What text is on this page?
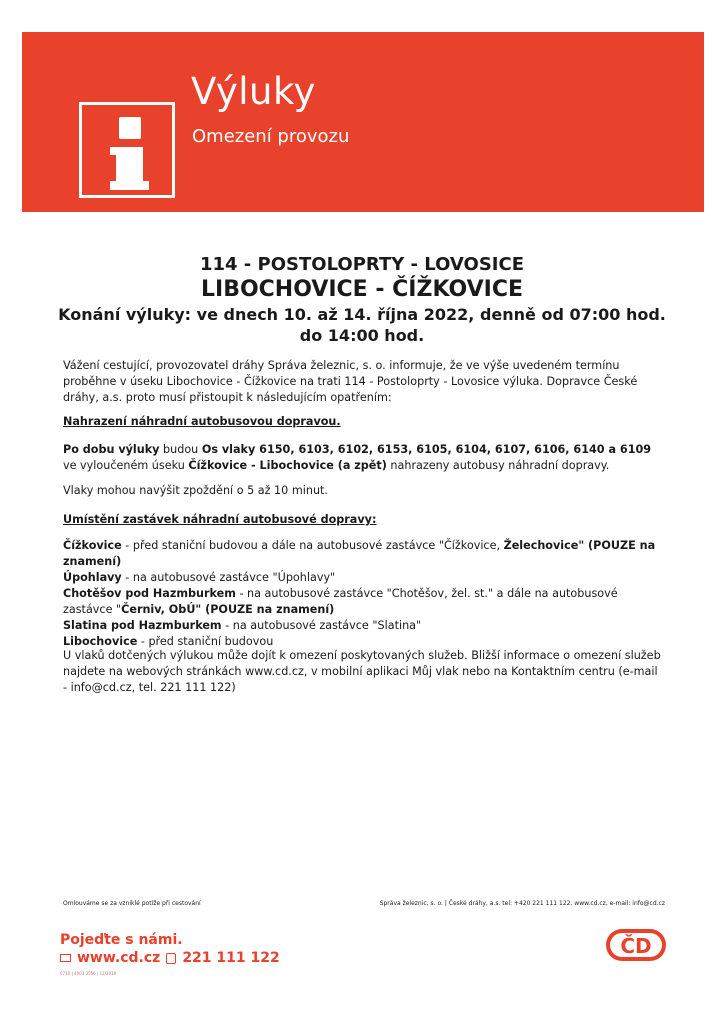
Výluky

Omezení provozu

114 - POSTOLOPRTY - LOVOSICE

LIBOCHOVICE - ČÍŽKOVICE

Konání výluky: ve dnech 10. až 14. října 2022, denně od 07:00 hod.
do 14:00 hod.

Vážení cestující, provozovatel dráhy Správa železnic, s. o. informuje, že ve výše uvedeném termínu proběhne v úseku Libochovice - Čížkovice na trati 114 - Postoloprty - Lovosice výluka. Dopravce České dráhy, a.s. proto musí přistoupit k následujícím opatřením:

Nahrazení náhradní autobusovou dopravou.

Po dobu výluky budou Os vlaky 6150, 6103, 6102, 6153, 6105, 6104, 6107, 6106, 6140 a 6109 ve vyloučeném úseku Čížkovice - Libochovice (a zpět) nahrazeny autobusy náhradní dopravy.

Vlaky mohou navýšit zpoždění o 5 až 10 minut.

Umístění zastávek náhradní autobusové dopravy:

Čížkovice - před staniční budovou a dále na autobusové zastávce "Čížkovice, Želechovice" (POUZE na znamení)
Úpohlavy - na autobusové zastávce "Úpohlavy"
Chotěšov pod Hazmburkem - na autobusové zastávce "Chotěšov, žel. st." a dále na autobusové zastávce "Černiv, ObÚ" (POUZE na znamení)
Slatina pod Hazmburkem - na autobusové zastávce "Slatina"
Libochovice - před staniční budovou

U vlaků dotčených výlukou může dojít k omezení poskytovaných služeb. Bližší informace o omezení služeb najdete na webových stránkách www.cd.cz, v mobilní aplikaci Můj vlak nebo na Kontaktním centru (e-mail - info@cd.cz, tel. 221 111 122)

Omlouváme se za vzniklé potíže při cestování	Správa železnic, s. o. | České dráhy, a.s. tel: +420 221 111 122, www.cd.cz, e-mail: info@cd.cz

Pojeďte s námi.

www.cd.cz 221 111 122

0710 | 4003 3556 | 12/2019

ČD
